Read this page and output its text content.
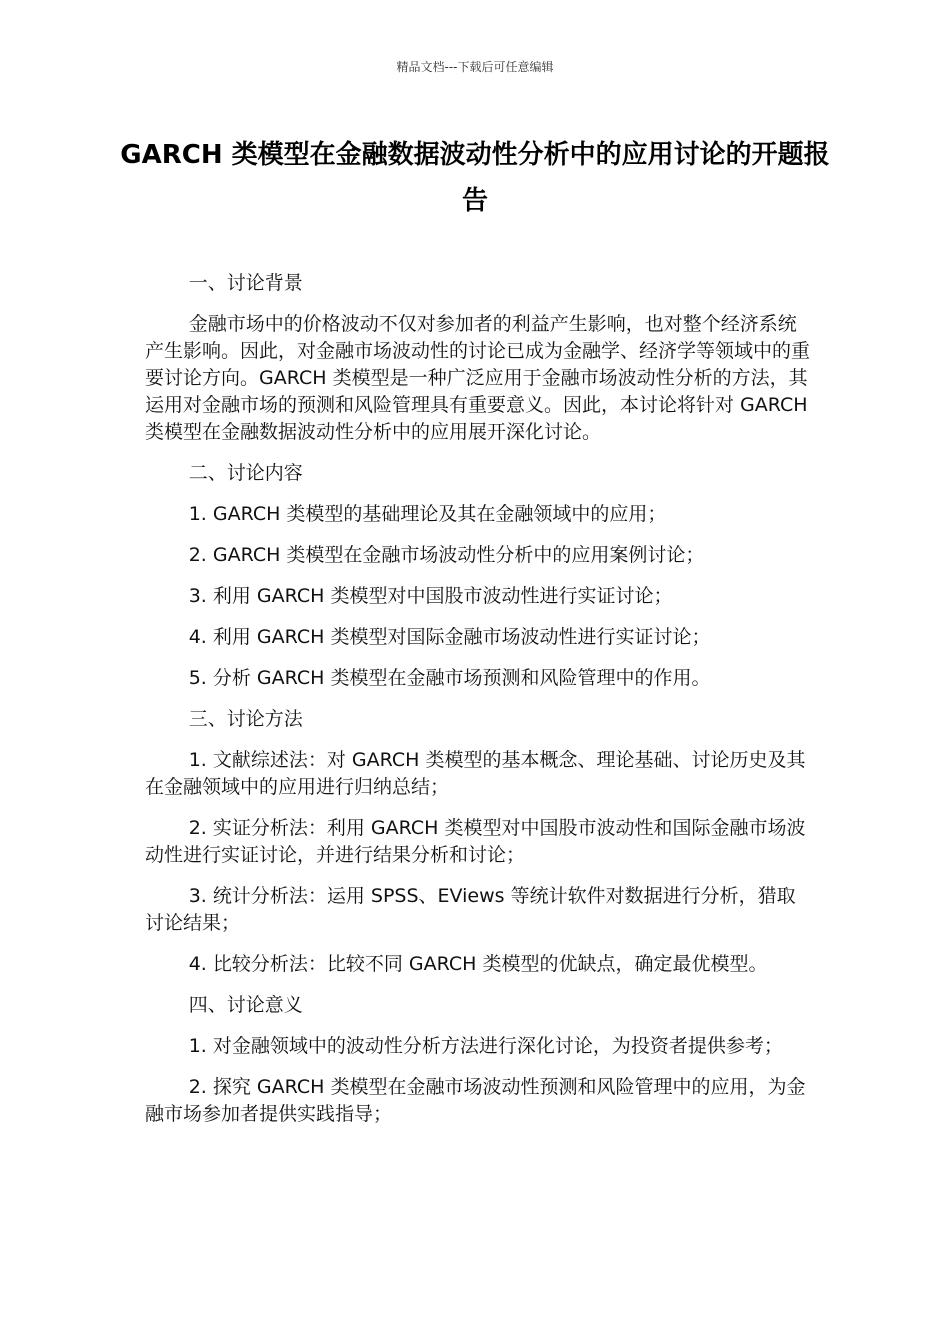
精品文档---下载后可任意编辑
GARCH 类模型在金融数据波动性分析中的应用讨论的开题报告

一、讨论背景

金融市场中的价格波动不仅对参加者的利益产生影响，也对整个经济系统产生影响。因此，对金融市场波动性的讨论已成为金融学、经济学等领域中的重要讨论方向。GARCH 类模型是一种广泛应用于金融市场波动性分析的方法，其运用对金融市场的预测和风险管理具有重要意义。因此，本讨论将针对 GARCH 类模型在金融数据波动性分析中的应用展开深化讨论。

二、讨论内容

1. GARCH 类模型的基础理论及其在金融领域中的应用；

2. GARCH 类模型在金融市场波动性分析中的应用案例讨论；

3. 利用 GARCH 类模型对中国股市波动性进行实证讨论；

4. 利用 GARCH 类模型对国际金融市场波动性进行实证讨论；

5. 分析 GARCH 类模型在金融市场预测和风险管理中的作用。

三、讨论方法

1. 文献综述法：对 GARCH 类模型的基本概念、理论基础、讨论历史及其在金融领域中的应用进行归纳总结；

2. 实证分析法：利用 GARCH 类模型对中国股市波动性和国际金融市场波动性进行实证讨论，并进行结果分析和讨论；

3. 统计分析法：运用 SPSS、EViews 等统计软件对数据进行分析，猎取讨论结果；

4. 比较分析法：比较不同 GARCH 类模型的优缺点，确定最优模型。

四、讨论意义

1. 对金融领域中的波动性分析方法进行深化讨论，为投资者提供参考；

2. 探究 GARCH 类模型在金融市场波动性预测和风险管理中的应用，为金融市场参加者提供实践指导；
